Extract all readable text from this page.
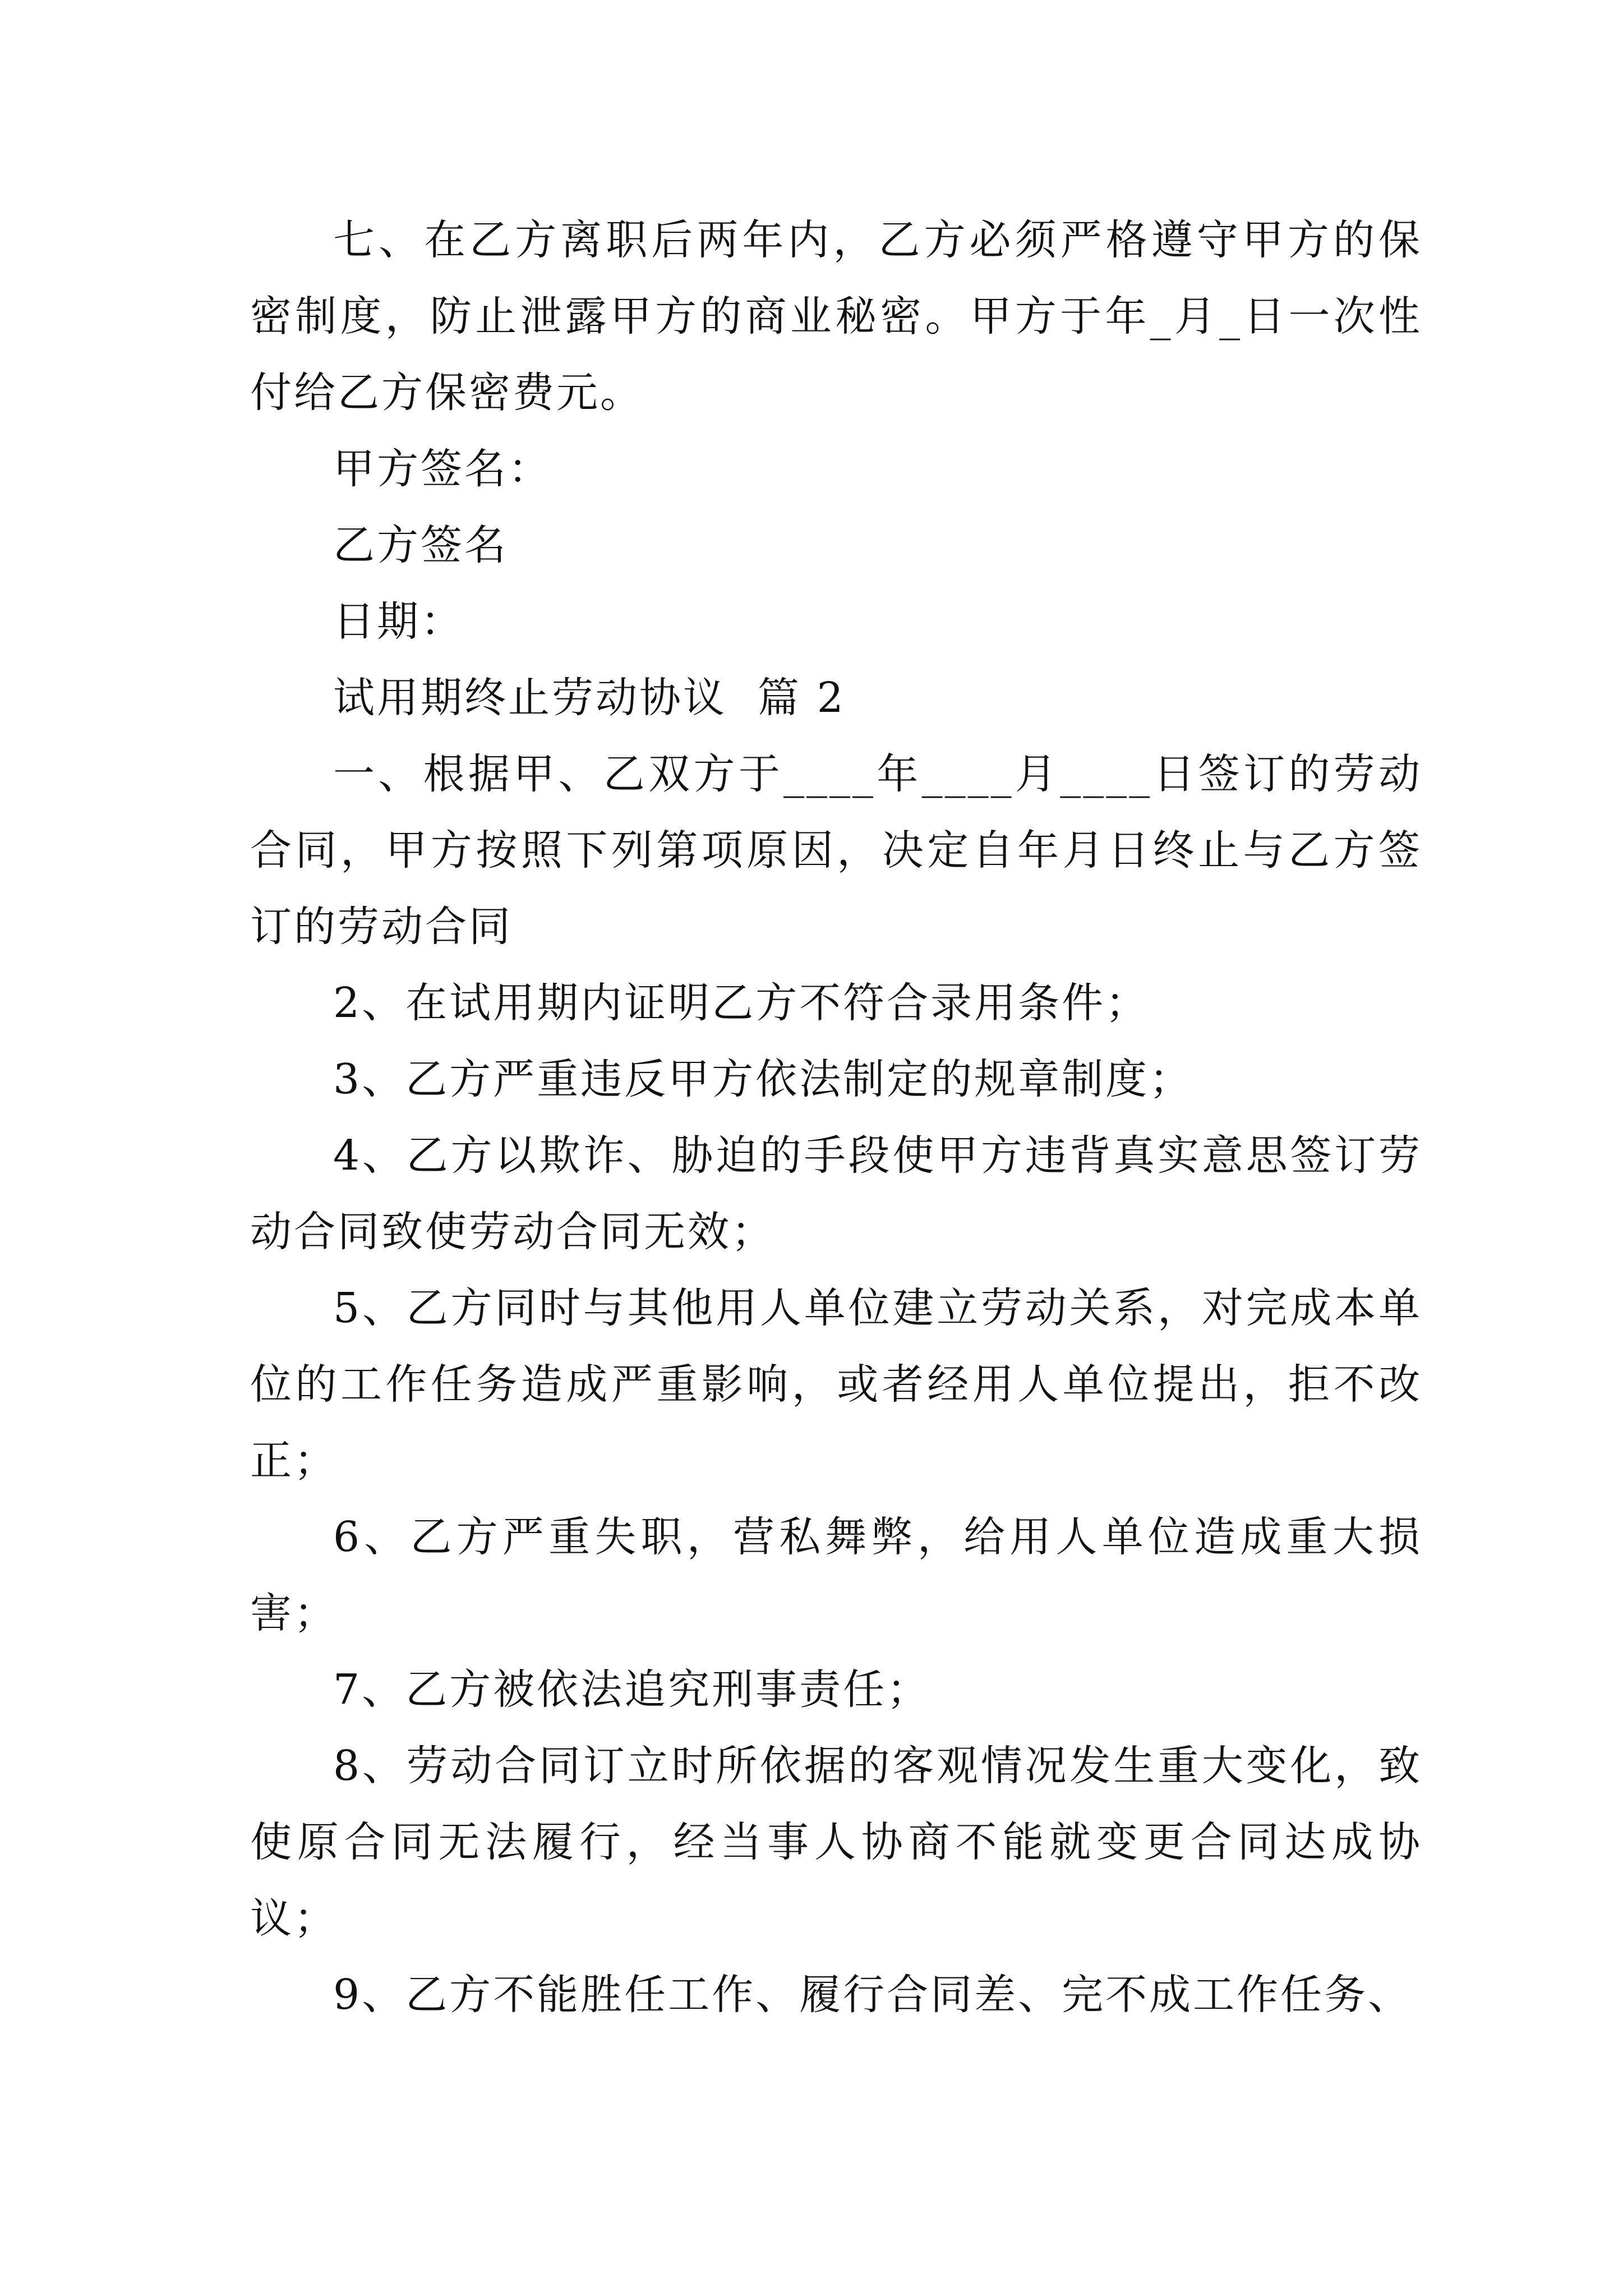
七、在乙方离职后两年内，乙方必须严格遵守甲方的保密制度，防止泄露甲方的商业秘密。甲方于年_月_日一次性付给乙方保密费元。

甲方签名：

乙方签名

日期：

试用期终止劳动协议  篇 2

一、根据甲、乙双方于____年____月____日签订的劳动合同，甲方按照下列第项原因，决定自年月日终止与乙方签订的劳动合同

2、在试用期内证明乙方不符合录用条件；

3、乙方严重违反甲方依法制定的规章制度；

4、乙方以欺诈、胁迫的手段使甲方违背真实意思签订劳动合同致使劳动合同无效；

5、乙方同时与其他用人单位建立劳动关系，对完成本单位的工作任务造成严重影响，或者经用人单位提出，拒不改正；

6、乙方严重失职，营私舞弊，给用人单位造成重大损害；

7、乙方被依法追究刑事责任；

8、劳动合同订立时所依据的客观情况发生重大变化，致使原合同无法履行，经当事人协商不能就变更合同达成协议；

9、乙方不能胜任工作、履行合同差、完不成工作任务、
